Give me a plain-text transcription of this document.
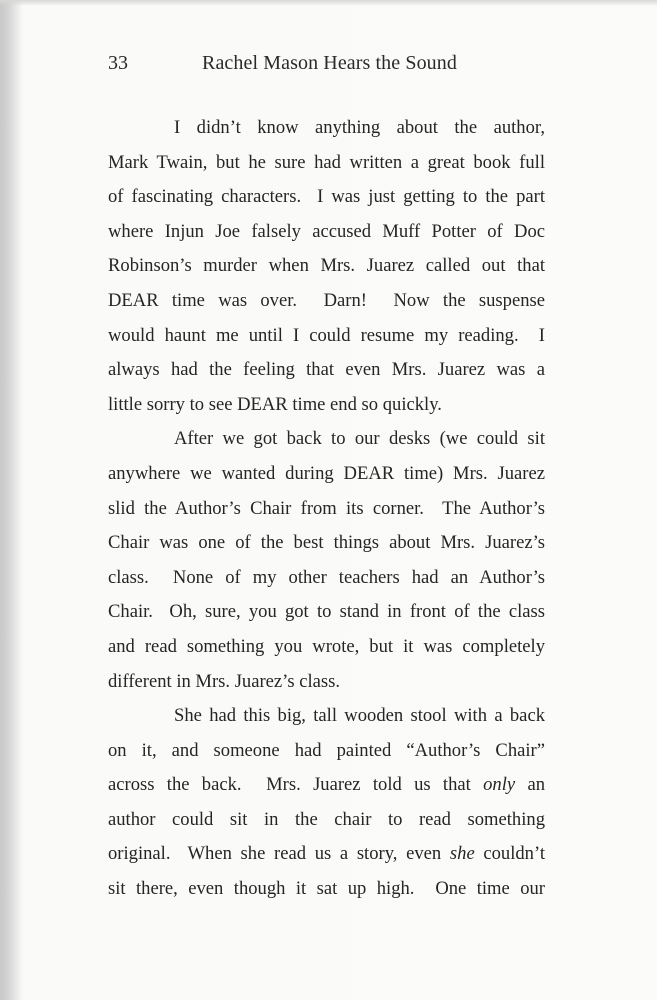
33	Rachel Mason Hears the Sound
I didn’t know anything about the author,
Mark Twain, but he sure had written a great book full
of fascinating characters.  I was just getting to the part
where Injun Joe falsely accused Muff Potter of Doc
Robinson’s murder when Mrs. Juarez called out that
DEAR time was over.  Darn!  Now the suspense
would haunt me until I could resume my reading.  I
always had the feeling that even Mrs. Juarez was a
little sorry to see DEAR time end so quickly.
After we got back to our desks (we could sit
anywhere we wanted during DEAR time) Mrs. Juarez
slid the Author’s Chair from its corner.  The Author’s
Chair was one of the best things about Mrs. Juarez’s
class.  None of my other teachers had an Author’s
Chair.  Oh, sure, you got to stand in front of the class
and read something you wrote, but it was completely
different in Mrs. Juarez’s class.
She had this big, tall wooden stool with a back
on it, and someone had painted “Author’s Chair”
across the back.  Mrs. Juarez told us that only an
author could sit in the chair to read something
original.  When she read us a story, even she couldn’t
sit there, even though it sat up high.  One time our
